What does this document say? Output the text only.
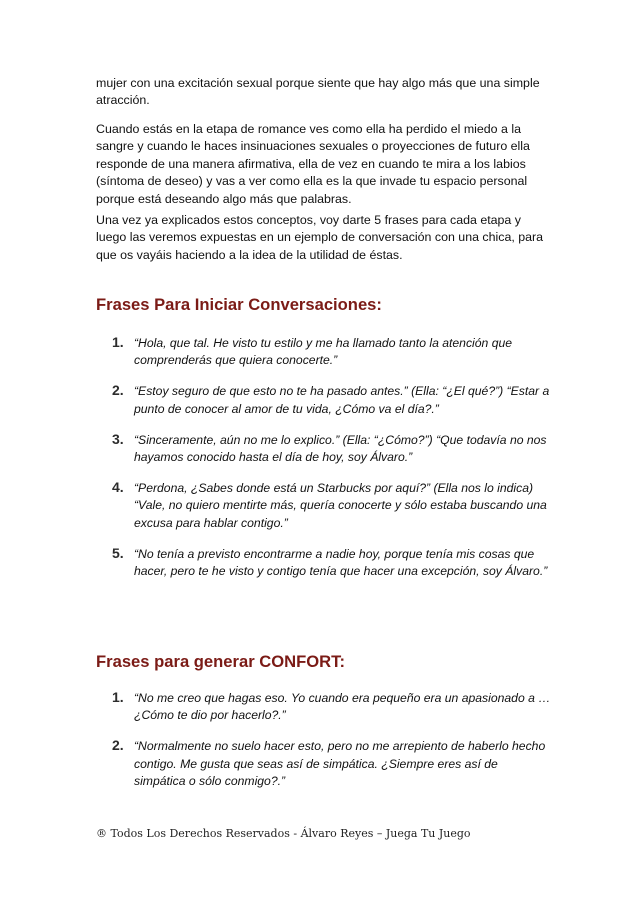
mujer con una excitación sexual porque siente que hay algo más que una simple atracción.
Cuando estás en la etapa de romance ves como ella ha perdido el miedo a la sangre y cuando le haces insinuaciones sexuales o proyecciones de futuro ella responde de una manera afirmativa, ella de vez en cuando te mira a los labios (síntoma de deseo) y vas a ver como ella es la que invade tu espacio personal porque está deseando algo más que palabras.
Una vez ya explicados estos conceptos, voy darte 5 frases para cada etapa y luego las veremos expuestas en un ejemplo de conversación con una chica, para que os vayáis haciendo a la idea de la utilidad de éstas.
Frases Para Iniciar Conversaciones:
1. “Hola, que tal. He visto tu estilo y me ha llamado tanto la atención que comprenderás que quiera conocerte.”
2. “Estoy seguro de que esto no te ha pasado antes.” (Ella: “¿El qué?”) “Estar a punto de conocer al amor de tu vida, ¿Cómo va el día?.”
3. “Sinceramente, aún no me lo explico.” (Ella: “¿Cómo?”) “Que todavía no nos hayamos conocido hasta el día de hoy, soy Álvaro.”
4. “Perdona, ¿Sabes donde está un Starbucks por aquí?” (Ella nos lo indica) “Vale, no quiero mentirte más, quería conocerte y sólo estaba buscando una excusa para hablar contigo.”
5. “No tenía a previsto encontrarme a nadie hoy, porque tenía mis cosas que hacer, pero te he visto y contigo tenía que hacer una excepción, soy Álvaro.”
Frases para generar CONFORT:
1. “No me creo que hagas eso. Yo cuando era pequeño era un apasionado a … ¿Cómo te dio por hacerlo?.”
2. “Normalmente no suelo hacer esto, pero no me arrepiento de haberlo hecho contigo. Me gusta que seas así de simpática. ¿Siempre eres así de simpática o sólo conmigo?.”
® Todos Los Derechos Reservados - Álvaro Reyes – Juega Tu Juego
